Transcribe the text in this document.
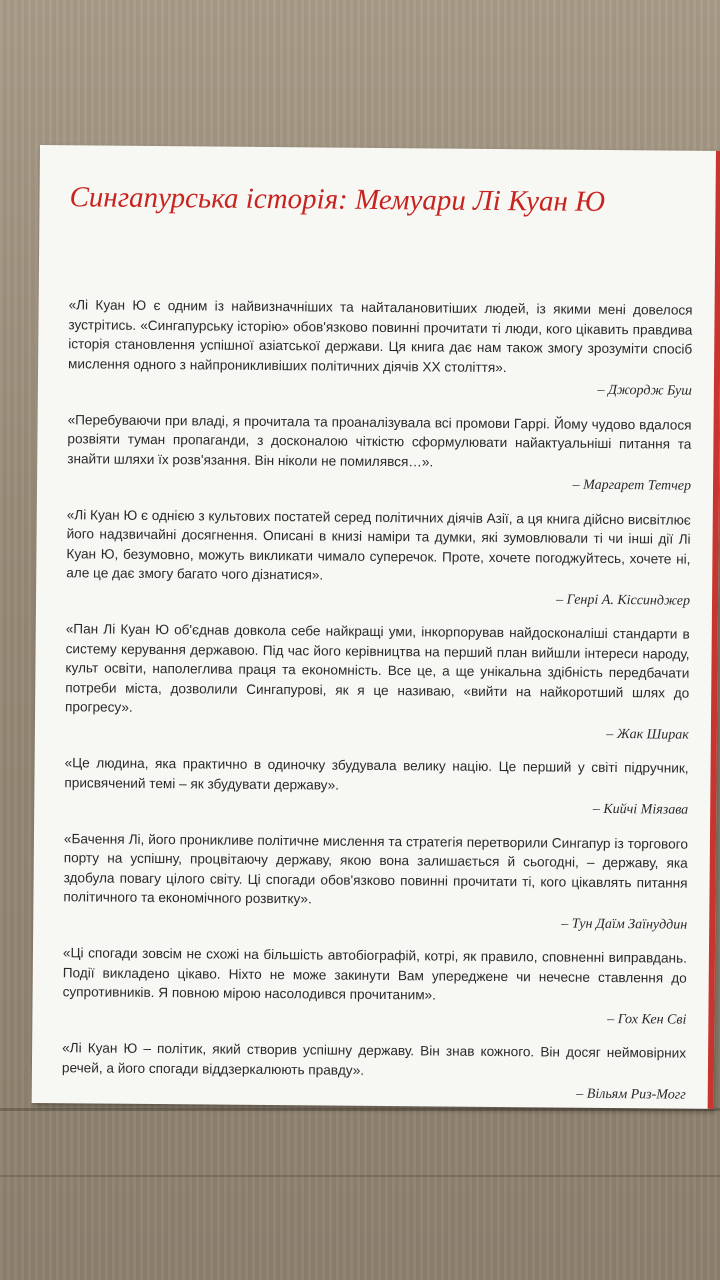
Сингапурська історія: Мемуари Лі Куан Ю
«Лі Куан Ю є одним із найвизначніших та найталановитіших людей, із якими мені довелося зустрітись. «Сингапурську історію» обов'язково повинні прочитати ті люди, кого цікавить правдива історія становлення успішної азіатської держави. Ця книга дає нам також змогу зрозуміти спосіб мислення одного з найпроникливіших політичних діячів XX століття».
– Джордж Буш
«Перебуваючи при владі, я прочитала та проаналізувала всі промови Гаррі. Йому чудово вдалося розвіяти туман пропаганди, з досконалою чіткістю сформулювати найактуальніші питання та знайти шляхи їх розв'язання. Він ніколи не помилявся…».
– Маргарет Тетчер
«Лі Куан Ю є однією з культових постатей серед політичних діячів Азії, а ця книга дійсно висвітлює його надзвичайні досягнення. Описані в книзі наміри та думки, які зумовлювали ті чи інші дії Лі Куан Ю, безумовно, можуть викликати чимало суперечок. Проте, хочете погоджуйтесь, хочете ні, але це дає змогу багато чого дізнатися».
– Генрі А. Кіссинджер
«Пан Лі Куан Ю об'єднав довкола себе найкращі уми, інкорпорував найдосконаліші стандарти в систему керування державою. Під час його керівництва на перший план вийшли інтереси народу, культ освіти, наполеглива праця та економність. Все це, а ще унікальна здібність передбачати потреби міста, дозволили Сингапурові, як я це називаю, «вийти на найкоротший шлях до прогресу».
– Жак Ширак
«Це людина, яка практично в одиночку збудувала велику націю. Це перший у світі підручник, присвячений темі – як збудувати державу».
– Кийчі Міязава
«Бачення Лі, його проникливе політичне мислення та стратегія перетворили Сингапур із торгового порту на успішну, процвітаючу державу, якою вона залишається й сьогодні, – державу, яка здобула повагу цілого світу. Ці спогади обов'язково повинні прочитати ті, кого цікавлять питання політичного та економічного розвитку».
– Тун Даїм Заїнуддин
«Ці спогади зовсім не схожі на більшість автобіографій, котрі, як правило, сповненні виправдань. Події викладено цікаво. Ніхто не може закинути Вам упереджене чи нечесне ставлення до супротивників. Я повною мірою насолодився прочитаним».
– Гох Кен Сві
«Лі Куан Ю – політик, який створив успішну державу. Він знав кожного. Він досяг неймовірних речей, а його спогади віддзеркалюють правду».
– Вільям Риз-Могг
